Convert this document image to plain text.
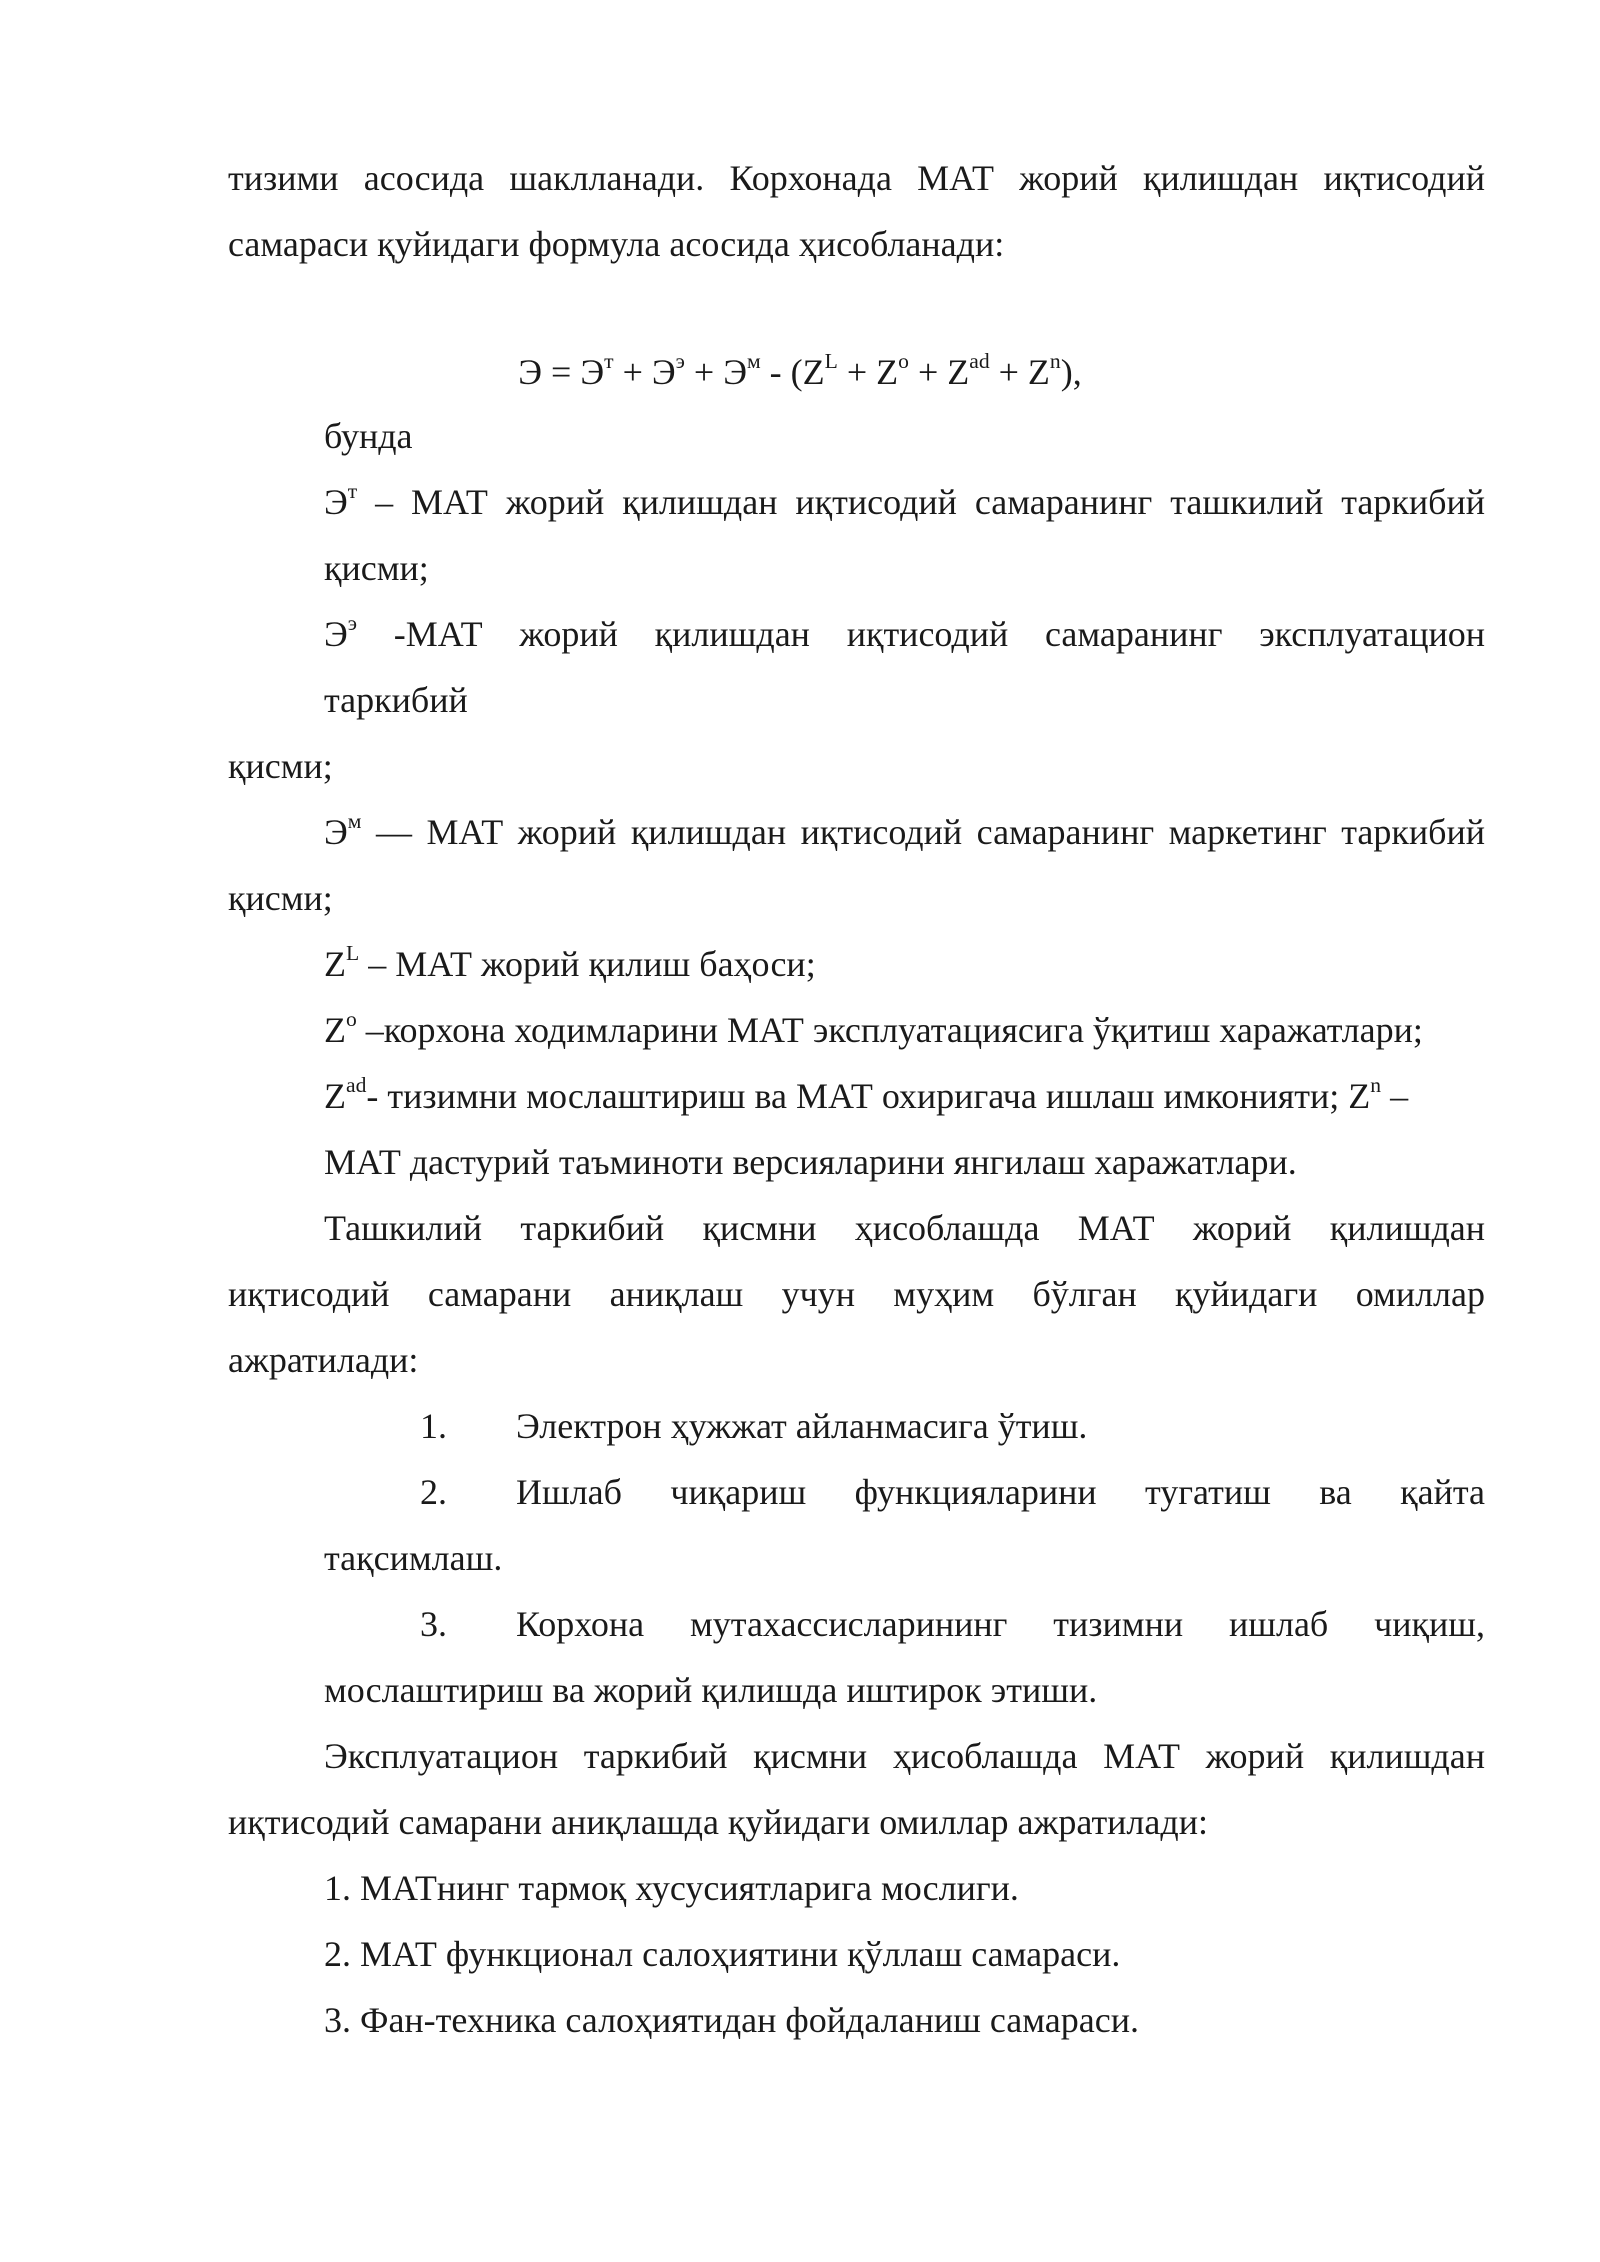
тизими асосида шаклланади. Корхонада МАТ жорий қилишдан иқтисодий
самараси қуйидаги формула асосида ҳисобланади:
$Э = Э^т + Э^э + Э^м - (Z^L + Z^o + Z^{ad} + Z^n)$,
бунда
$Э^т$ – МАТ жорий қилишдан иқтисодий самаранинг ташкилий таркибий
қисми;
$Э^э$ -МАТ жорий қилишдан иқтисодий самаранинг эксплуатацион
таркибий
қисми;
$Э^м$ — МАТ жорий қилишдан иқтисодий самаранинг маркетинг таркибий
қисми;
$Z^L$ – МАТ жорий қилиш баҳоси;
$Z^o$ –корхона ходимларини МАТ эксплуатациясига ўқитиш харажатлари;
$Z^{ad}-$ тизимни мослаштириш ва МАТ охиригача ишлаш имконияти; $Z^n$ –
МАТ дастурий таъминоти версияларини янгилаш харажатлари.
Ташкилий таркибий қисмни ҳисоблашда МАТ жорий қилишдан
иқтисодий самарани аниқлаш учун муҳим бўлган қуйидаги омиллар
ажратилади:
1. Электрон ҳужжат айланмасига ўтиш.
2. Ишлаб чиқариш функцияларини тугатиш ва қайта
тақсимлаш.
3. Корхона мутахассисларининг тизимни ишлаб чиқиш,
мослаштириш ва жорий қилишда иштирок этиши.
Эксплуатацион таркибий қисмни ҳисоблашда МАТ жорий қилишдан
иқтисодий самарани аниқлашда қуйидаги омиллар ажратилади:
1. МАТнинг тармоқ хусусиятларига мослиги.
2. МАТ функционал салоҳиятини қўллаш самараси.
3. Фан-техника салоҳиятидан фойдаланиш самараси.
